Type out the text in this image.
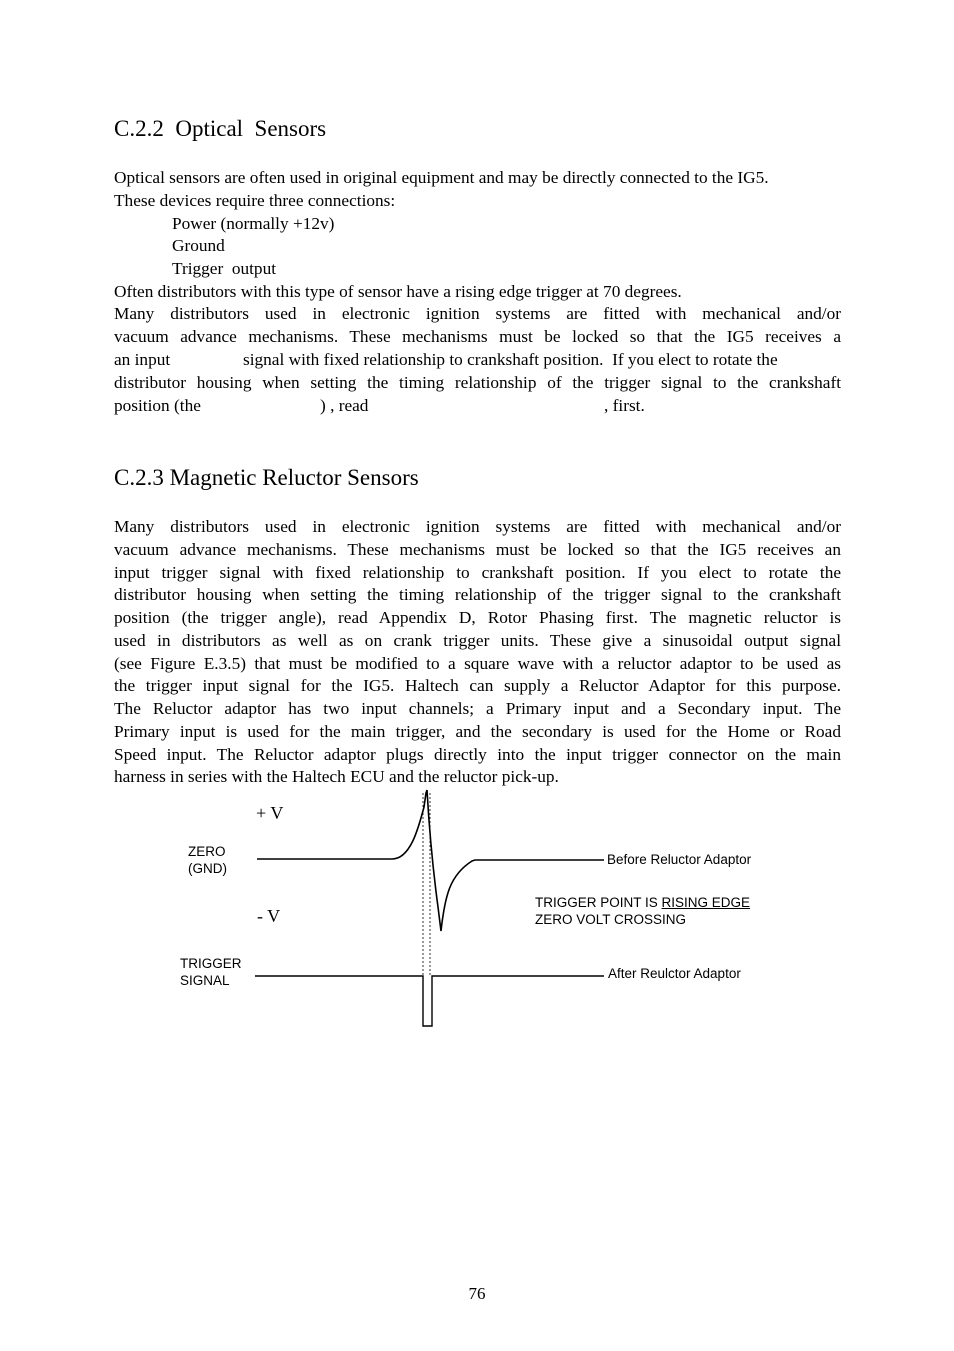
C.2.2  Optical  Sensors
Optical sensors are often used in original equipment and may be directly connected to the IG5.
These devices require three connections:
Power (normally +12v)
Ground
Trigger  output
Often distributors with this type of sensor have a rising edge trigger at 70 degrees.
Many distributors used in electronic ignition systems are fitted with mechanical and/or
vacuum advance mechanisms. These mechanisms must be locked so that the IG5 receives a

an input

	signal with fixed relationship to crankshaft position.  If you elect to rotate the

distributor housing when setting the timing relationship of the trigger signal to the crankshaft

position (the

	) , read

	, first.

C.2.3 Magnetic Reluctor Sensors
Many distributors used in electronic ignition systems are fitted with mechanical and/or
vacuum advance mechanisms. These mechanisms must be locked so that the IG5 receives an
input trigger signal with fixed relationship to crankshaft position. If you elect to rotate the
distributor housing when setting the timing relationship of the trigger signal to the crankshaft
position (the trigger angle), read Appendix D, Rotor Phasing first. The magnetic reluctor is
used in distributors as well as on crank trigger units. These give a sinusoidal output signal
(see Figure E.3.5) that must be modified to a square wave with a reluctor adaptor to be used as
the trigger input signal for the IG5. Haltech can supply a Reluctor Adaptor for this purpose.
The Reluctor adaptor has two input channels; a Primary input and a Secondary input. The
Primary input is used for the main trigger, and the secondary is used for the Home or Road
Speed input. The Reluctor adaptor plugs directly into the input trigger connector on the main
harness in series with the Haltech ECU and the reluctor pick-up.
+ V
- V
ZERO
(GND)
TRIGGER
SIGNAL
Before Reluctor Adaptor
After Reulctor Adaptor
TRIGGER POINT IS RISING EDGE
ZERO VOLT CROSSING
76
